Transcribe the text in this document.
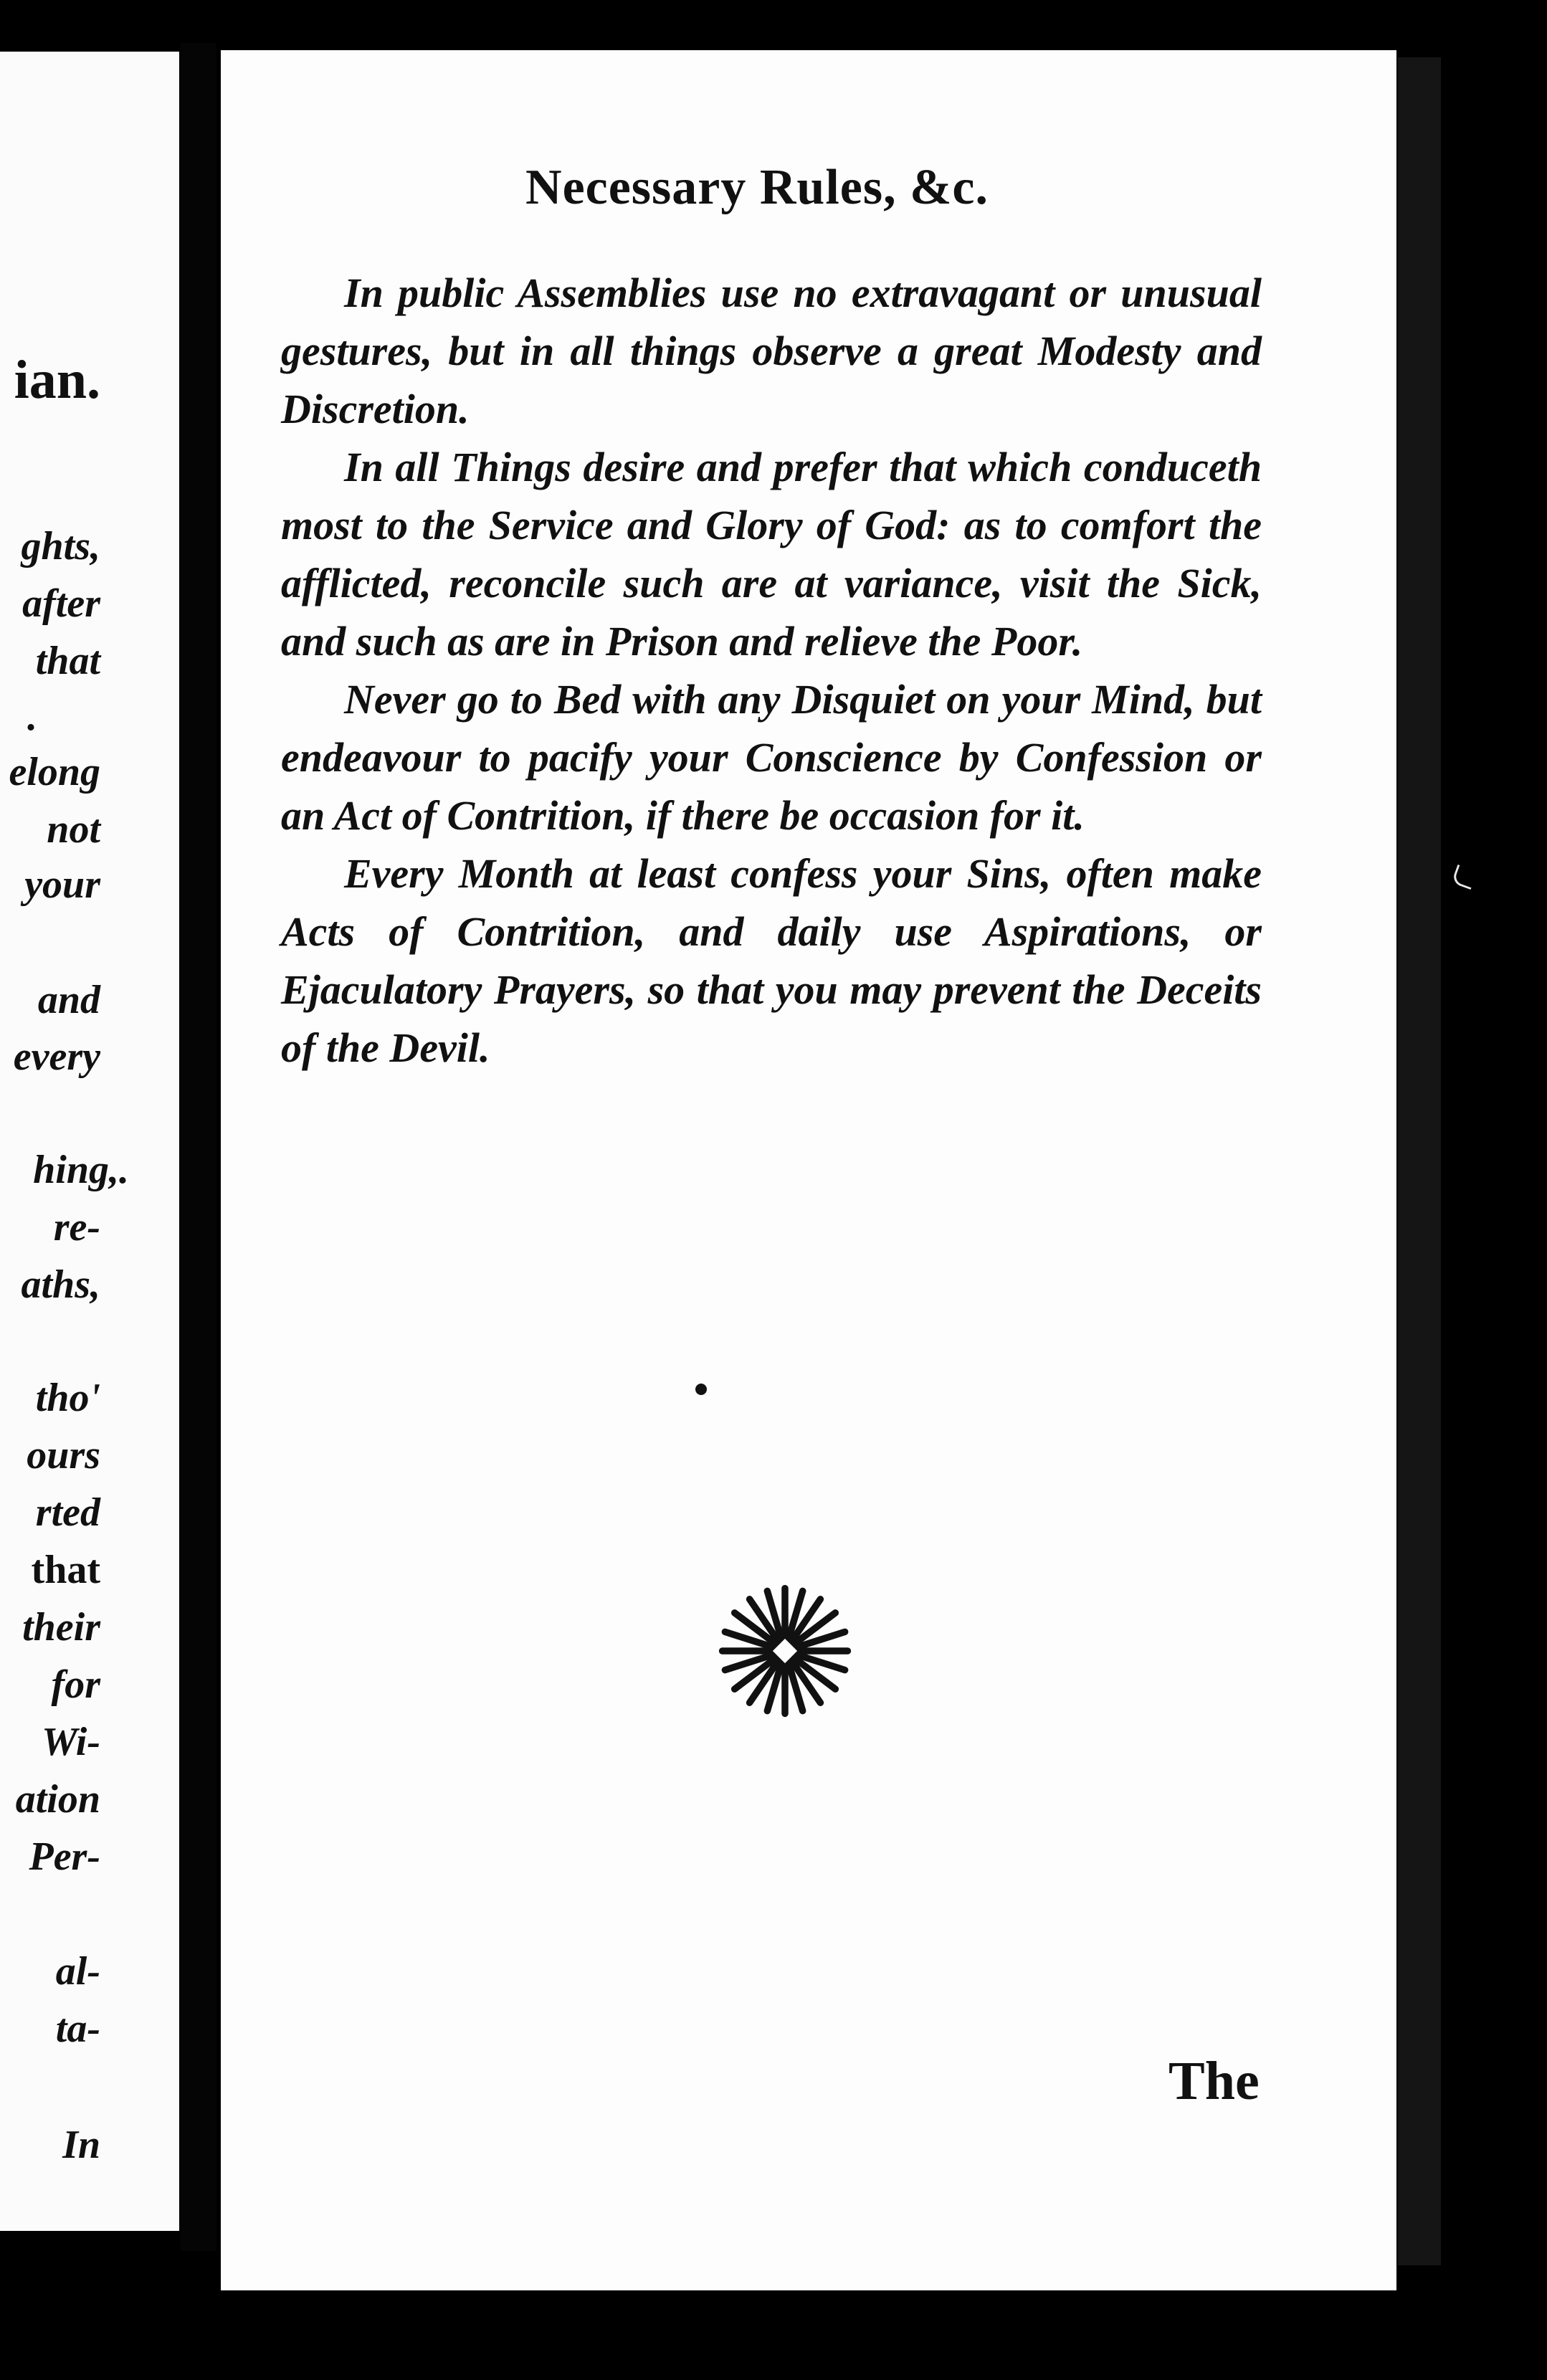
ian.

ghts,

after

that

.

elong

not

your

and

every

hing,.

re-

aths,

tho'

ours

rted

that

their

for

Wi-

ation

Per-

al-

ta-

In

Necessary Rules, &c.

In public Assemblies use no extravagant or unusual gestures, but in all things observe a great Modesty and Discretion.

In all Things desire and prefer that which conduceth most to the Service and Glory of God: as to comfort the afflicted, reconcile such are at variance, visit the Sick, and such as are in Prison and relieve the Poor.

Never go to Bed with any Disquiet on your Mind, but endeavour to pacify your Conscience by Confession or an Act of Contrition, if there be occasion for it.

Every Month at least confess your Sins, often make Acts of Contrition, and daily use Aspirations, or Ejaculatory Prayers, so that you may prevent the Deceits of the Devil.

The
